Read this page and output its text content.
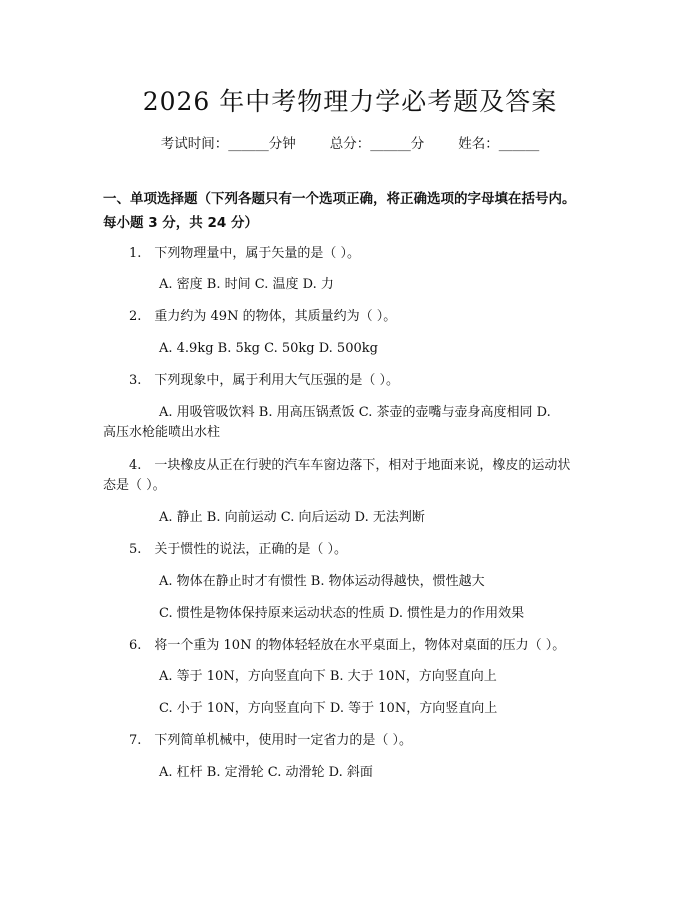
2026 年中考物理力学必考题及答案
考试时间：______分钟	总分：______分	姓名：______
一、单项选择题（下列各题只有一个选项正确，将正确选项的字母填在括号内。
每小题 3 分，共 24 分）
1.　下列物理量中，属于矢量的是（ ）。
A. 密度 B. 时间 C. 温度 D. 力
2.　重力约为 49N 的物体，其质量约为（ ）。
A. 4.9kg B. 5kg C. 50kg D. 500kg
3.　下列现象中，属于利用大气压强的是（ ）。
A. 用吸管吸饮料 B. 用高压锅煮饭 C. 茶壶的壶嘴与壶身高度相同 D.
高压水枪能喷出水柱
4.　一块橡皮从正在行驶的汽车车窗边落下，相对于地面来说，橡皮的运动状
态是（ ）。
A. 静止 B. 向前运动 C. 向后运动 D. 无法判断
5.　关于惯性的说法，正确的是（ ）。
A. 物体在静止时才有惯性 B. 物体运动得越快，惯性越大
C. 惯性是物体保持原来运动状态的性质 D. 惯性是力的作用效果
6.　将一个重为 10N 的物体轻轻放在水平桌面上，物体对桌面的压力（ ）。
A. 等于 10N，方向竖直向下 B. 大于 10N，方向竖直向上
C. 小于 10N，方向竖直向下 D. 等于 10N，方向竖直向上
7.　下列简单机械中，使用时一定省力的是（ ）。
A. 杠杆 B. 定滑轮 C. 动滑轮 D. 斜面
